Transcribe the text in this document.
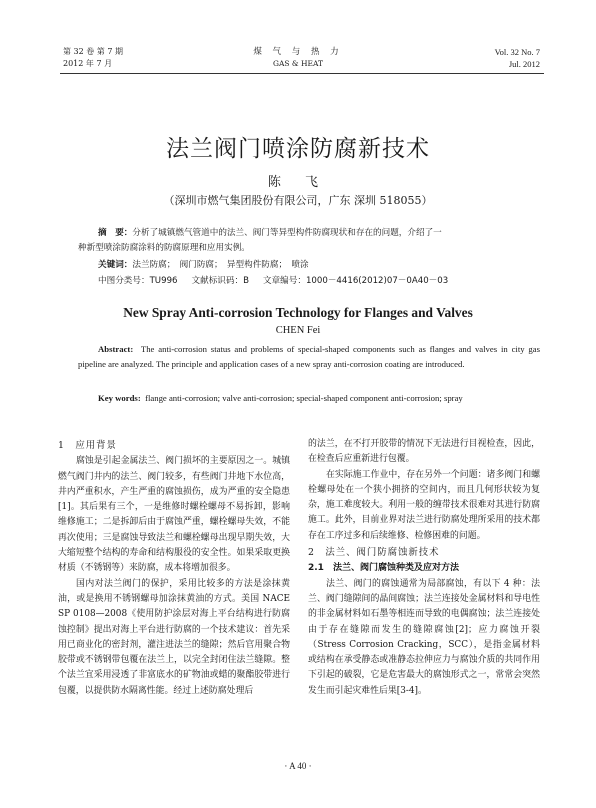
第 32 卷 第 7 期
2012 年 7 月
煤 气 与 热 力
GAS & HEAT
Vol. 32 No. 7
Jul. 2012
法兰阀门喷涂防腐新技术
陈 飞
（深圳市燃气集团股份有限公司，广东 深圳 518055）
摘　要：分析了城镇燃气管道中的法兰、阀门等异型构件防腐现状和存在的问题，介绍了一
种新型喷涂防腐涂料的防腐原理和应用实例。
关键词：法兰防腐；　阀门防腐；　异型构件防腐；　喷涂
中图分类号：TU996 文献标识码：B 文章编号：1000－4416(2012)07－0A40－03
New Spray Anti-corrosion Technology for Flanges and Valves
CHEN Fei
Abstract: The anti-corrosion status and problems of special-shaped components such as flanges and valves in city gas pipeline are analyzed. The principle and application cases of a new spray anti-corrosion coating are introduced.
Key words: flange anti-corrosion; valve anti-corrosion; special-shaped component anti-corrosion; spray
1　应用背景

腐蚀是引起金属法兰、阀门损坏的主要原因之一。城镇燃气阀门井内的法兰、阀门较多，有些阀门井地下水位高，井内严重积水，产生严重的腐蚀损伤，成为严重的安全隐患[1]。其后果有三个，一是维修时螺栓螺母不易拆卸，影响维修施工；二是拆卸后由于腐蚀严重，螺栓螺母失效，不能再次使用；三是腐蚀导致法兰和螺栓螺母出现早期失效，大大缩短整个结构的寿命和结构服役的安全性。如果采取更换材质（不锈钢等）来防腐，成本将增加很多。

国内对法兰阀门的保护，采用比较多的方法是涂抹黄油，或是换用不锈钢螺母加涂抹黄油的方式。美国 NACE SP 0108—2008《使用防护涂层对海上平台结构进行防腐蚀控制》提出对海上平台进行防腐的一个技术建议：首先采用已商业化的密封剂，灌注进法兰的缝隙；然后官用聚合物胶带或不锈钢带包覆在法兰上，以完全封闭住法兰缝隙。整个法兰宜采用浸透了非富底水的矿物油或蜡的聚酯胶带进行包覆，以提供防水隔离性能。经过上述防腐处理后

的法兰，在不打开胶带的情况下无法进行目视检查，因此，在检查后应重新进行包覆。

在实际施工作业中，存在另外一个问题：诸多阀门和螺栓螺母处在一个狭小拥挤的空间内，而且几何形状较为复杂，施工难度较大。利用一般的缠带技术很难对其进行防腐施工。此外，目前业界对法兰进行防腐处理所采用的技术都存在工序过多和后续维修、检修困难的问题。

2　法兰、阀门防腐蚀新技术
2.1　法兰、阀门腐蚀种类及应对方法

法兰、阀门的腐蚀通常为局部腐蚀，有以下 4 种：法兰、阀门缝隙间的晶间腐蚀；法兰连接处金属材料和导电性的非金属材料如石墨等相连而导致的电偶腐蚀；法兰连接处由于存在缝隙而发生的缝隙腐蚀[2]；应力腐蚀开裂（Stress Corrosion Cracking，SCC），是指金属材料或结构在承受静态或准静态拉伸应力与腐蚀介质的共同作用下引起的破裂，它是危害最大的腐蚀形式之一，常常会突然发生而引起灾难性后果[3-4]。

· A 40 ·
